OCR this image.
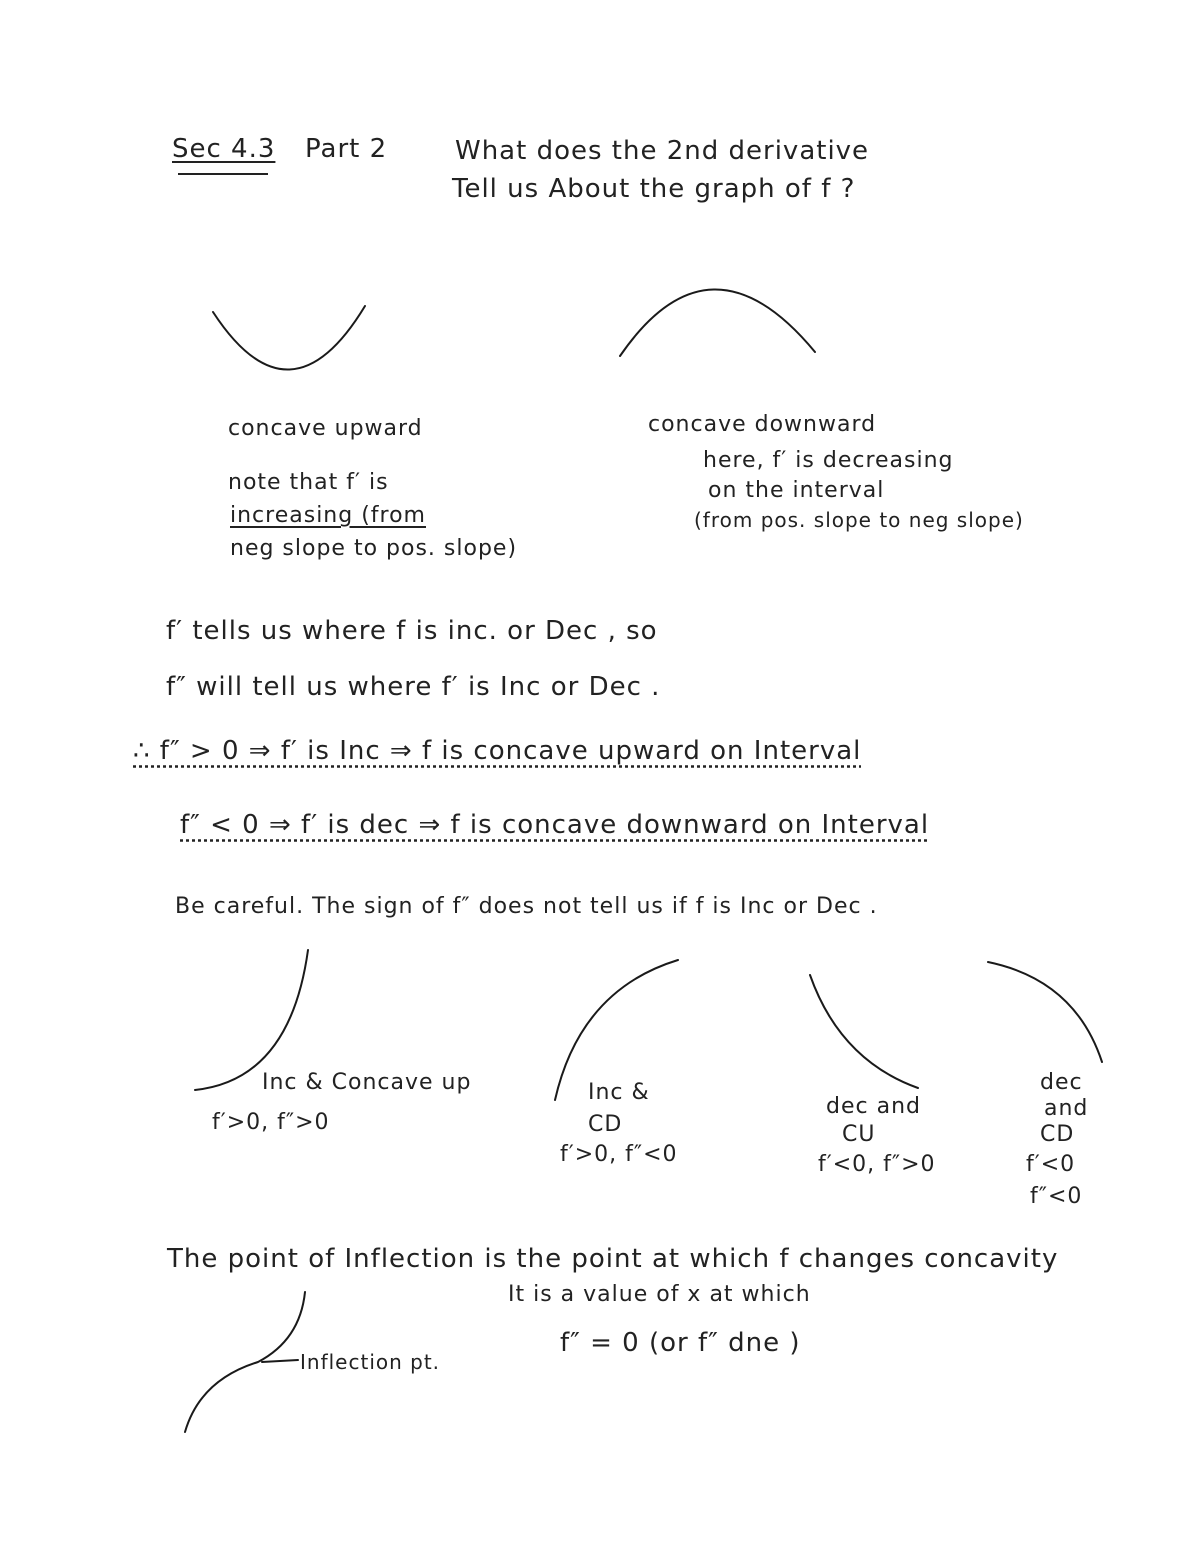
Sec 4.3 Part 2	What does the 2nd derivative
Tell us About the graph of f ?
concave upward
note that f′ is
increasing (from
neg slope to pos. slope)
concave downward
here, f′ is decreasing
on the interval
(from pos. slope to neg slope)
f′ tells us where f is inc. or Dec , so
f″ will tell us where f′ is Inc or Dec .
∴ f″ > 0 ⇒ f′ is Inc ⇒ f is concave upward on Interval
f″ < 0 ⇒ f′ is dec ⇒ f is concave downward on Interval
Be careful. The sign of f″ does not tell us if f is Inc or Dec .
Inc & Concave up
f′>0, f″>0
Inc &
CD
f′>0, f″<0
dec and
CU
f′<0, f″>0
dec
and
CD
f′<0
f″<0
The point of Inflection is the point at which f changes concavity
It is a value of x at which
f″ = 0 (or f″ dne )
Inflection pt.
